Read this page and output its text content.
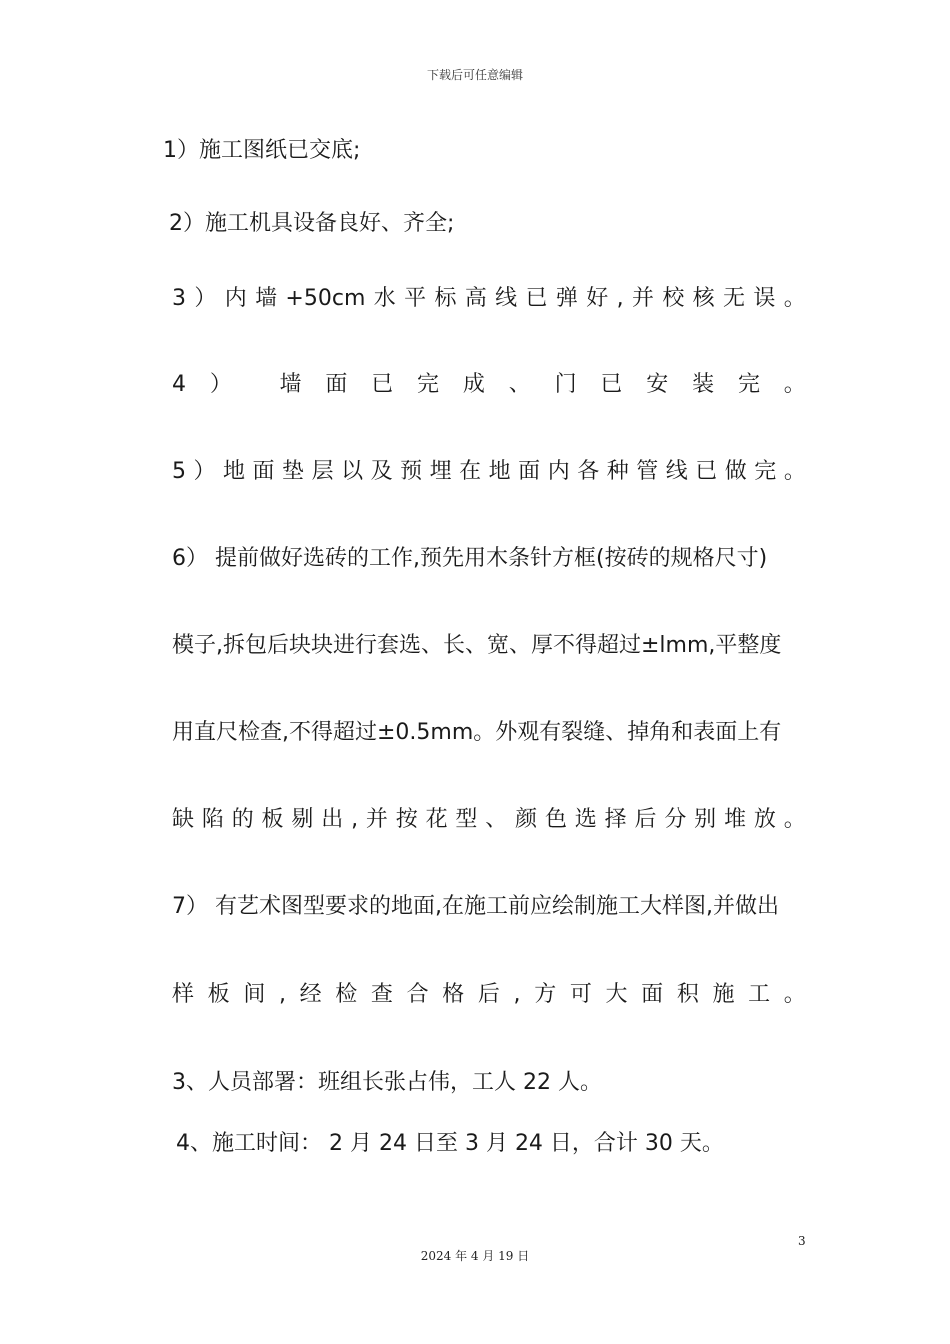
下载后可任意编辑
1）施工图纸已交底;
2）施工机具设备良好、齐全;
3 ） 内 墙 +50cm 水 平 标 高 线 已 弹 好 , 并 校 核 无 误 。
4 ） 墙 面 已 完 成 、 门 已 安 装 完 。
5 ） 地 面 垫 层 以 及 预 埋 在 地 面 内 各 种 管 线 已 做 完 。
6） 提前做好选砖的工作,预先用木条针方框(按砖的规格尺寸)
模子,拆包后块块进行套选、长、宽、厚不得超过±lmm,平整度
用直尺检查,不得超过±0.5mm。外观有裂缝、掉角和表面上有
缺 陷 的 板 剔 出 , 并 按 花 型 、 颜 色 选 择 后 分 别 堆 放 。
7） 有艺术图型要求的地面,在施工前应绘制施工大样图,并做出
样 板 间 , 经 检 查 合 格 后 , 方 可 大 面 积 施 工 。
3、人员部署：班组长张占伟，工人 22 人。
4、施工时间： 2 月 24 日至 3 月 24 日，合计 30 天。
3
2024 年 4 月 19 日
